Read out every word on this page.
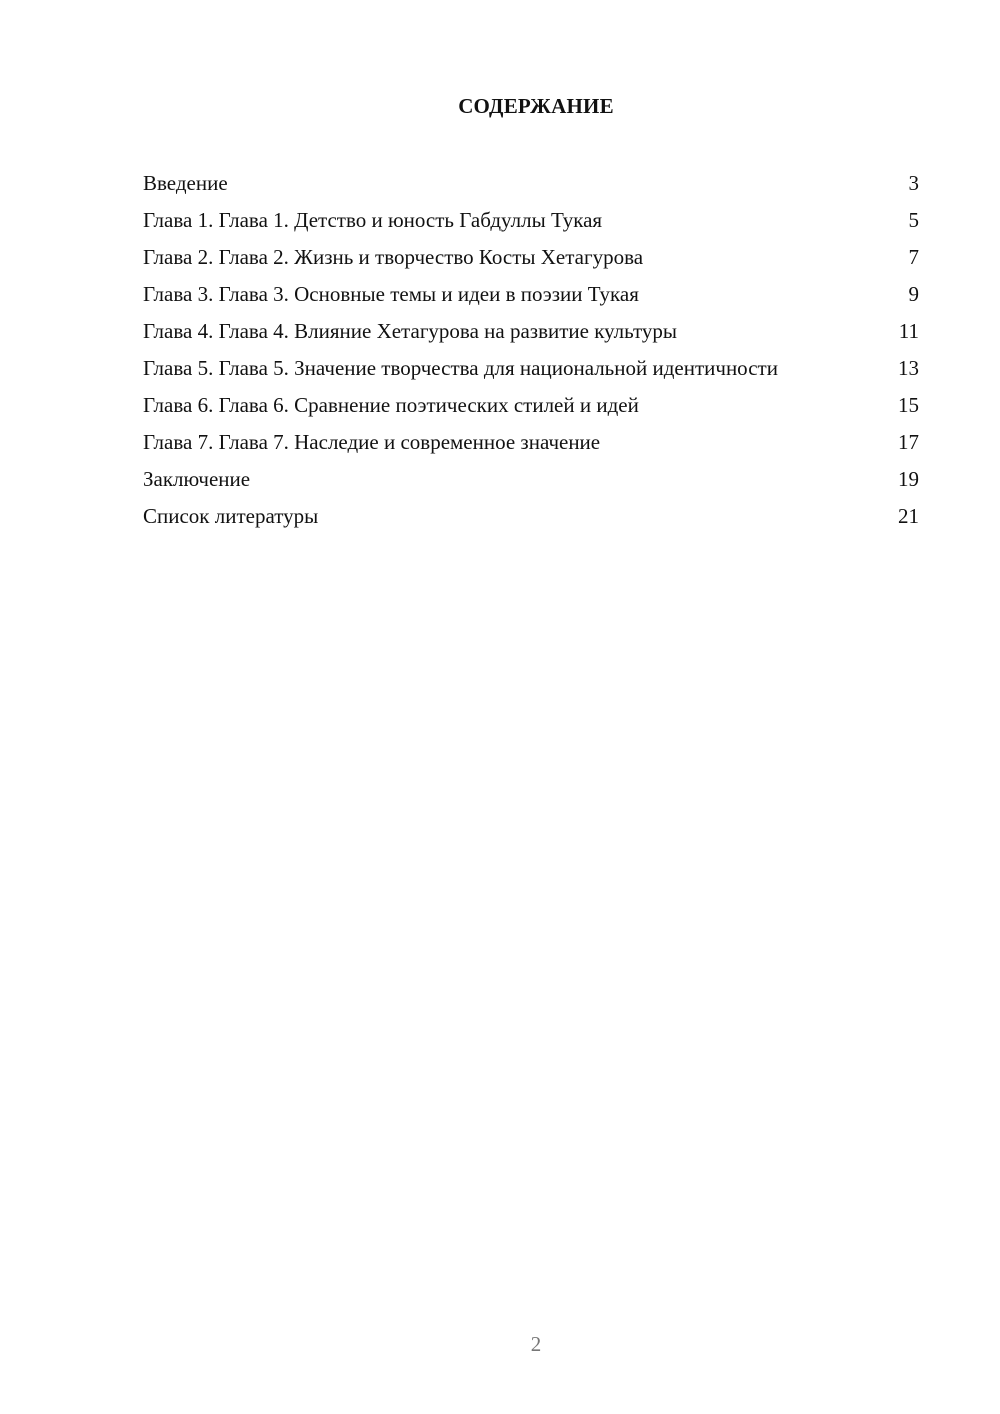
СОДЕРЖАНИЕ
Введение	3
Глава 1. Глава 1. Детство и юность Габдуллы Тукая	5
Глава 2. Глава 2. Жизнь и творчество Косты Хетагурова	7
Глава 3. Глава 3. Основные темы и идеи в поэзии Тукая	9
Глава 4. Глава 4. Влияние Хетагурова на развитие культуры	11
Глава 5. Глава 5. Значение творчества для национальной идентичности	13
Глава 6. Глава 6. Сравнение поэтических стилей и идей	15
Глава 7. Глава 7. Наследие и современное значение	17
Заключение	19
Список литературы	21
2
